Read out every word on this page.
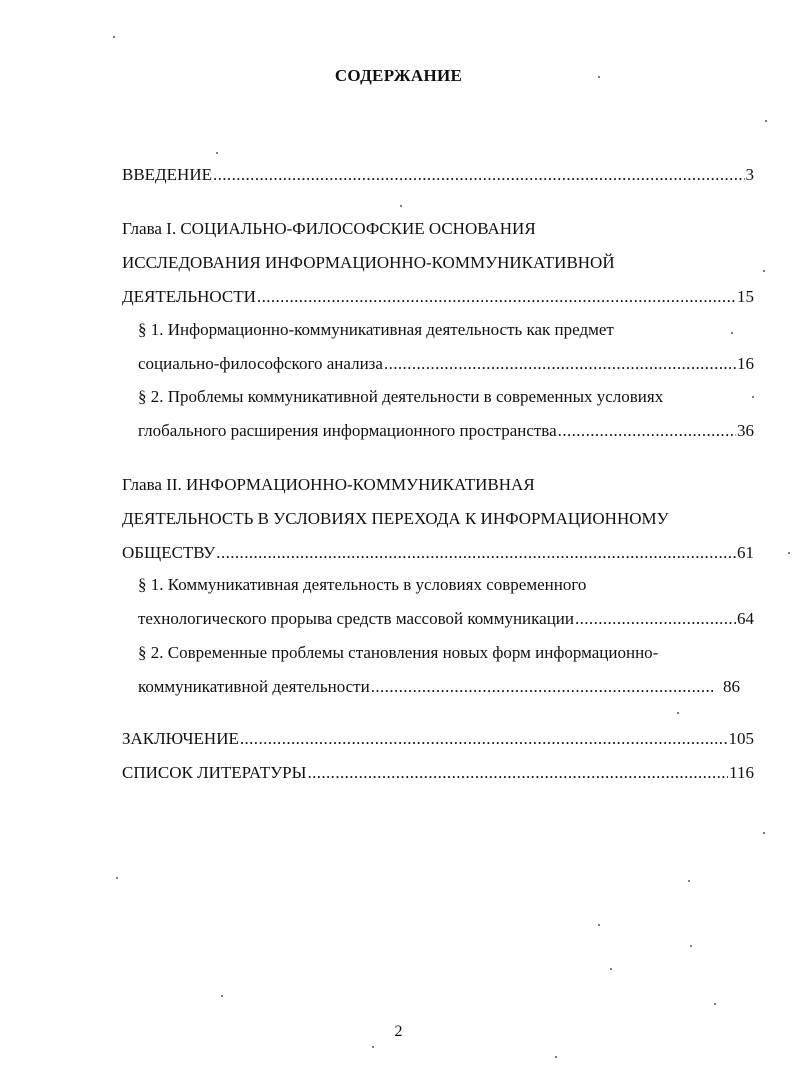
СОДЕРЖАНИЕ
ВВЕДЕНИЕ .....	3
Глава I. СОЦИАЛЬНО-ФИЛОСОФСКИЕ ОСНОВАНИЯ
ИССЛЕДОВАНИЯ ИНФОРМАЦИОННО-КОММУНИКАТИВНОЙ
ДЕЯТЕЛЬНОСТИ .....	15
§ 1. Информационно-коммуникативная деятельность как предмет
социально-философского анализа .....	16
§ 2. Проблемы коммуникативной деятельности в современных условиях
глобального расширения информационного пространства .....	36
Глава II. ИНФОРМАЦИОННО-КОММУНИКАТИВНАЯ
ДЕЯТЕЛЬНОСТЬ В УСЛОВИЯХ ПЕРЕХОДА К ИНФОРМАЦИОННОМУ
ОБЩЕСТВУ .....	61
§ 1. Коммуникативная деятельность в условиях современного
технологического прорыва средств массовой коммуникации .....	64
§ 2. Современные проблемы становления новых форм информационно-
коммуникативной деятельности .....	86
ЗАКЛЮЧЕНИЕ .....	105
СПИСОК ЛИТЕРАТУРЫ .....	116
2
